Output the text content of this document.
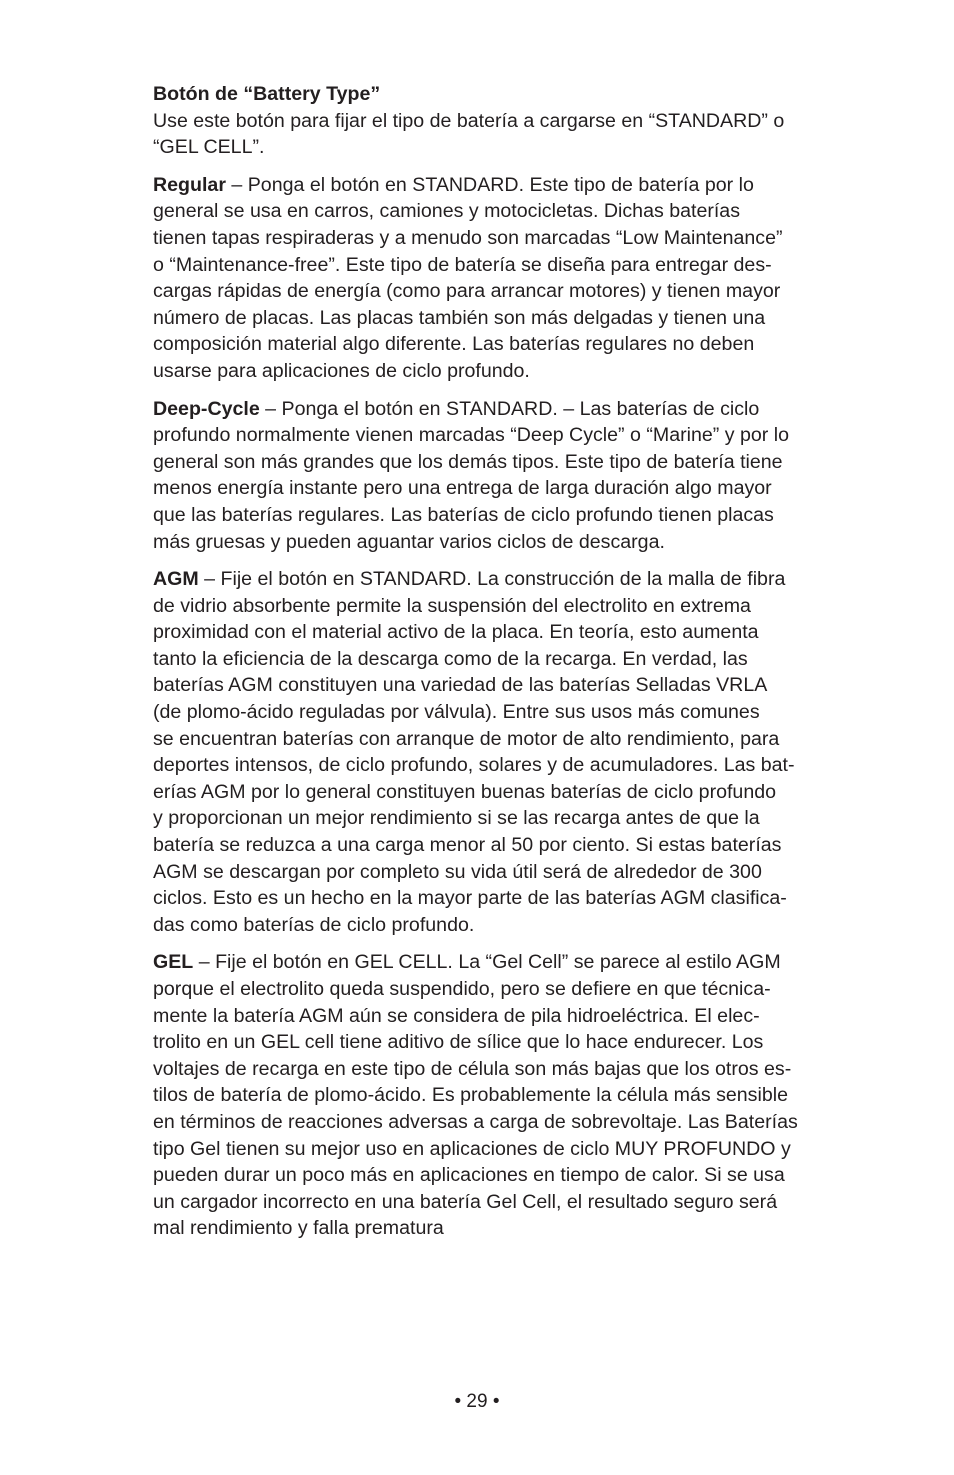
Botón de “Battery Type”
Use este botón para fijar el tipo de batería a cargarse en “STANDARD” o
“GEL CELL”.

Regular – Ponga el botón en STANDARD. Este tipo de batería por lo
general se usa en carros, camiones y motocicletas. Dichas baterías
tienen tapas respiraderas y a menudo son marcadas “Low Maintenance”
o “Maintenance-free”. Este tipo de batería se diseña para entregar des-
cargas rápidas de energía (como para arrancar motores) y tienen mayor
número de placas. Las placas también son más delgadas y tienen una
composición material algo diferente. Las baterías regulares no deben
usarse para aplicaciones de ciclo profundo.

Deep-Cycle – Ponga el botón en STANDARD. – Las baterías de ciclo
profundo normalmente vienen marcadas “Deep Cycle” o “Marine” y por lo
general son más grandes que los demás tipos. Este tipo de batería tiene
menos energía instante pero una entrega de larga duración algo mayor
que las baterías regulares. Las baterías de ciclo profundo tienen placas
más gruesas y pueden aguantar varios ciclos de descarga.

AGM – Fije el botón en STANDARD. La construcción de la malla de fibra
de vidrio absorbente permite la suspensión del electrolito en extrema
proximidad con el material activo de la placa. En teoría, esto aumenta
tanto la eficiencia de la descarga como de la recarga. En verdad, las
baterías AGM constituyen una variedad de las baterías Selladas VRLA
(de plomo-ácido reguladas por válvula). Entre sus usos más comunes
se encuentran baterías con arranque de motor de alto rendimiento, para
deportes intensos, de ciclo profundo, solares y de acumuladores. Las bat-
erías AGM por lo general constituyen buenas baterías de ciclo profundo
y proporcionan un mejor rendimiento si se las recarga antes de que la
batería se reduzca a una carga menor al 50 por ciento. Si estas baterías
AGM se descargan por completo su vida útil será de alrededor de 300
ciclos. Esto es un hecho en la mayor parte de las baterías AGM clasifica-
das como baterías de ciclo profundo.

GEL – Fije el botón en GEL CELL. La “Gel Cell” se parece al estilo AGM
porque el electrolito queda suspendido, pero se defiere en que técnica-
mente la batería AGM aún se considera de pila hidroeléctrica. El elec-
trolito en un GEL cell tiene aditivo de sílice que lo hace endurecer. Los
voltajes de recarga en este tipo de célula son más bajas que los otros es-
tilos de batería de plomo-ácido. Es probablemente la célula más sensible
en términos de reacciones adversas a carga de sobrevoltaje. Las Baterías
tipo Gel tienen su mejor uso en aplicaciones de ciclo MUY PROFUNDO y
pueden durar un poco más en aplicaciones en tiempo de calor. Si se usa
un cargador incorrecto en una batería Gel Cell, el resultado seguro será
mal rendimiento y falla prematura

• 29 •
